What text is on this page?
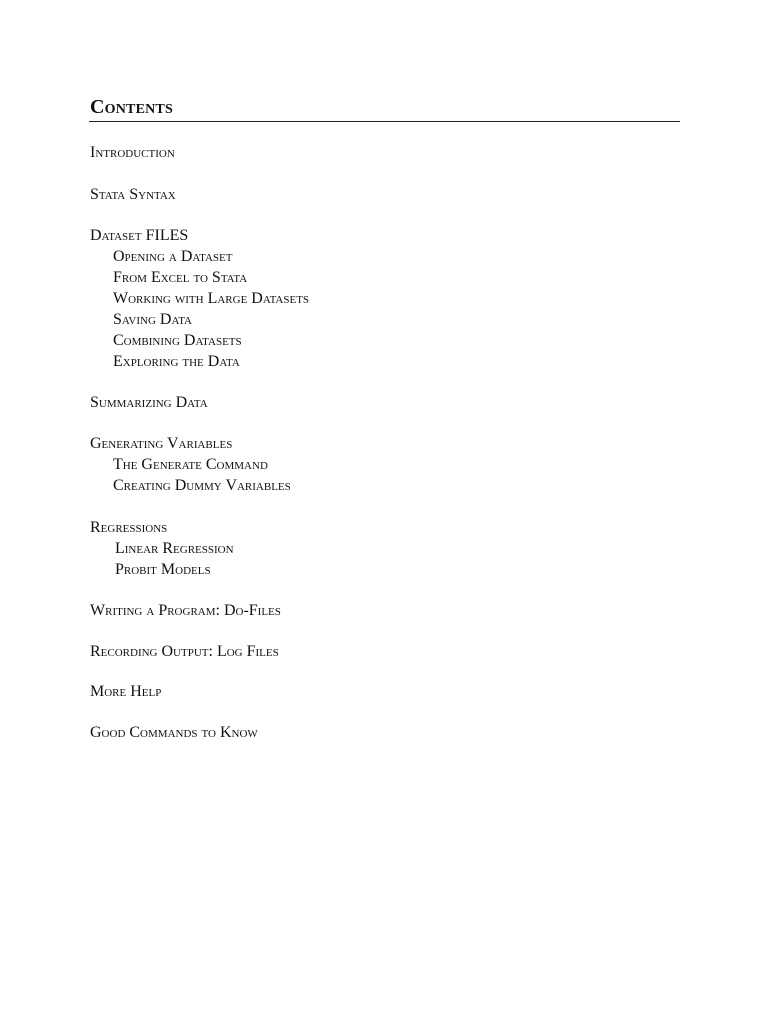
Contents
Introduction
Stata Syntax
Dataset FILES
Opening a Dataset
From Excel to Stata
Working with Large Datasets
Saving Data
Combining Datasets
Exploring the Data
Summarizing Data
Generating Variables
The Generate Command
Creating Dummy Variables
Regressions
Linear Regression
Probit Models
Writing a Program: Do-Files
Recording Output: Log Files
More Help
Good Commands to Know
